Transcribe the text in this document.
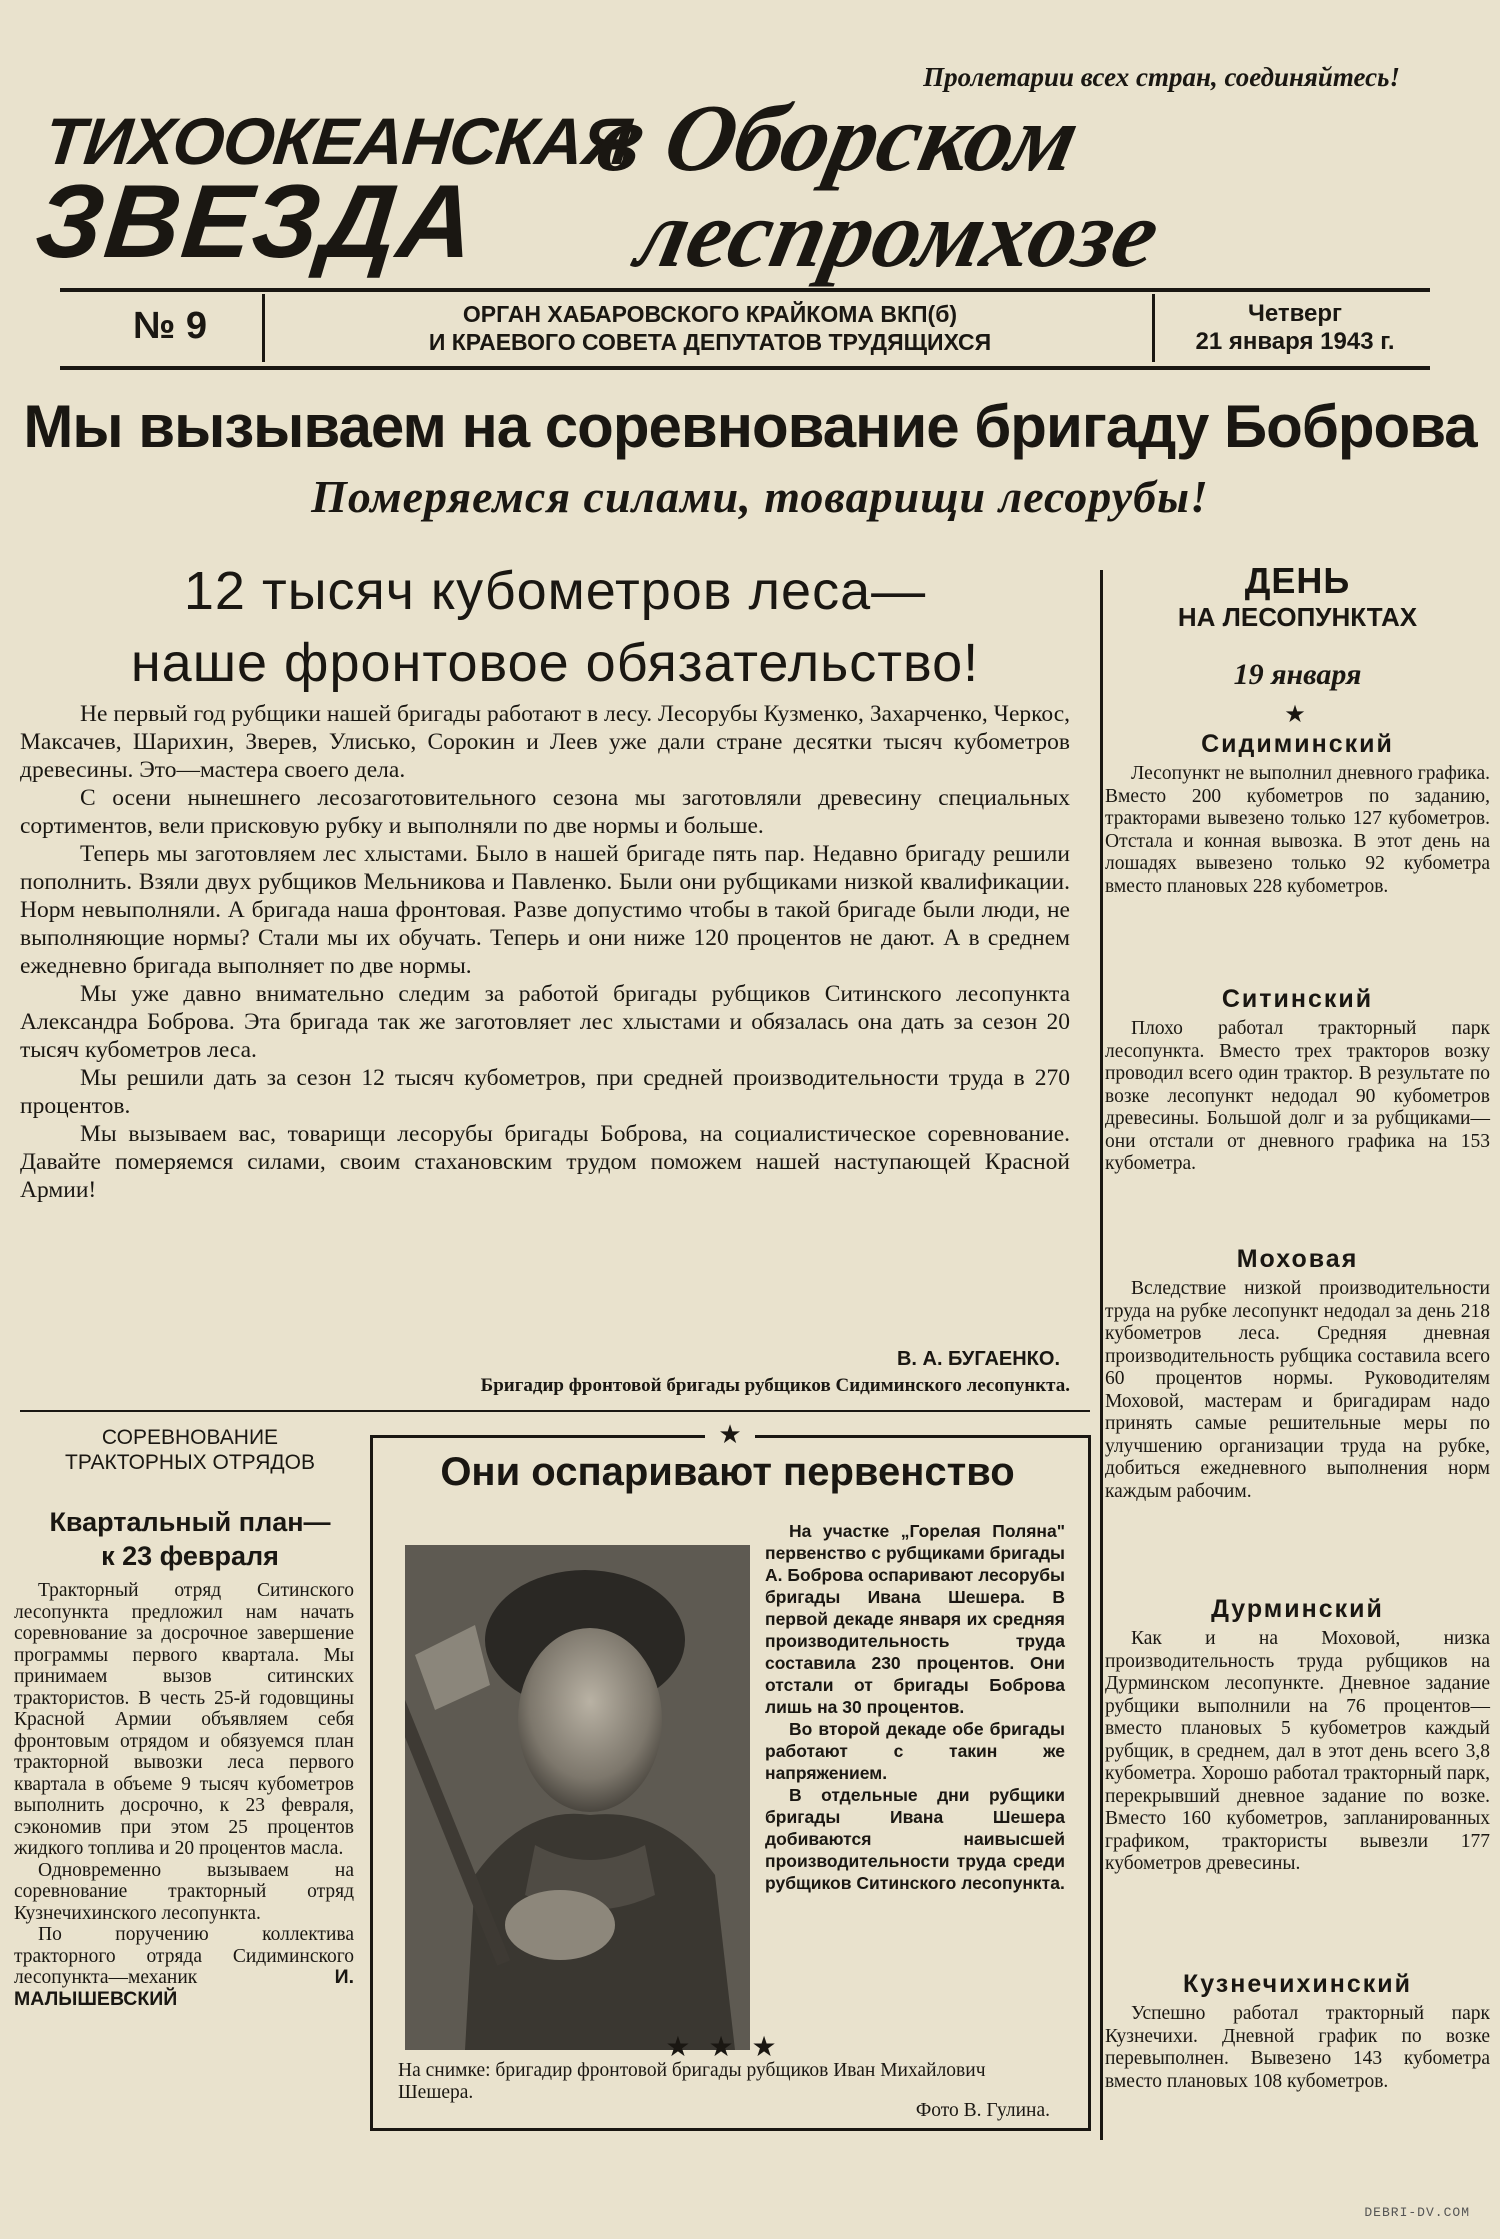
Пролетарии всех стран, соединяйтесь!
ТИХООКЕАНСКАЯ
ЗВЕЗДА
в Оборском
леспромхозе
№ 9	ОРГАН ХАБАРОВСКОГО КРАЙКОМА ВКП(б)
И КРАЕВОГО СОВЕТА ДЕПУТАТОВ ТРУДЯЩИХСЯ
Четверг
21 января 1943 г.
Мы вызываем на соревнование бригаду Боброва
Померяемся силами, товарищи лесорубы!
12 тысяч кубометров леса—
наше фронтовое обязательство!

Не первый год рубщики нашей бригады работают в лесу. Лесорубы Кузменко, Захарченко, Черкос, Максачев, Шарихин, Зверев, Улисько, Сорокин и Леев уже дали стране десятки тысяч кубометров древесины. Это—мастера своего дела.

С осени нынешнего лесозаготовительного сезона мы заготовляли древесину специальных сортиментов, вели присковую рубку и выполняли по две нормы и больше.

Теперь мы заготовляем лес хлыстами. Было в нашей бригаде пять пар. Недавно бригаду решили пополнить. Взяли двух рубщиков Мельникова и Павленко. Были они рубщиками низкой квалификации. Норм невыполняли. А бригада наша фронтовая. Разве допустимо чтобы в такой бригаде были люди, не выполняющие нормы? Стали мы их обучать. Теперь и они ниже 120 процентов не дают. А в среднем ежедневно бригада выполняет по две нормы.

Мы уже давно внимательно следим за работой бригады рубщиков Ситинского лесопункта Александра Боброва. Эта бригада так же заготовляет лес хлыстами и обязалась она дать за сезон 20 тысяч кубометров леса.

Мы решили дать за сезон 12 тысяч кубометров, при средней производительности труда в 270 процентов.

Мы вызываем вас, товарищи лесорубы бригады Боброва, на социалистическое соревнование. Давайте померяемся силами, своим стахановским трудом поможем нашей наступающей Красной Армии!

В. А. БУГАЕНКО.
Бригадир фронтовой бригады рубщиков Сидиминского лесопункта.
ДЕНЬ
НА ЛЕСОПУНКТАХ
19 января
★
Сидиминский

Лесопункт не выполнил дневного графика. Вместо 200 кубометров по заданию, тракторами вывезено только 127 кубометров. Отстала и конная вывозка. В этот день на лошадях вывезено только 92 кубометра вместо плановых 228 кубометров.

Ситинский

Плохо работал тракторный парк лесопункта. Вместо трех тракторов возку проводил всего один трактор. В результате по возке лесопункт недодал 90 кубометров древесины. Большой долг и за рубщиками—они отстали от дневного графика на 153 кубометра.

Моховая

Вследствие низкой производительности труда на рубке лесопункт недодал за день 218 кубометров леса. Средняя дневная производительность рубщика составила всего 60 процентов нормы. Руководителям Моховой, мастерам и бригадирам надо принять самые решительные меры по улучшению организации труда на рубке, добиться ежедневного выполнения норм каждым рабочим.

Дурминский

Как и на Моховой, низка производительность труда рубщиков на Дурминском лесопункте. Дневное задание рубщики выполнили на 76 процентов—вместо плановых 5 кубометров каждый рубщик, в среднем, дал в этот день всего 3,8 кубометра. Хорошо работал тракторный парк, перекрывший дневное задание по возке. Вместо 160 кубометров, запланированных графиком, трактористы вывезли 177 кубометров древесины.

Кузнечихинский

Успешно работал тракторный парк Кузнечихи. Дневной график по возке перевыполнен. Вывезено 143 кубометра вместо плановых 108 кубометров.

СОРЕВНОВАНИЕ
ТРАКТОРНЫХ ОТРЯДОВ
Квартальный план—
к 23 февраля

Тракторный отряд Ситинского лесопункта предложил нам начать соревнование за досрочное завершение программы первого квартала. Мы принимаем вызов ситинских трактористов. В честь 25-й годовщины Красной Армии объявляем себя фронтовым отрядом и обязуемся план тракторной вывозки леса первого квартала в объеме 9 тысяч кубометров выполнить досрочно, к 23 февраля, сэкономив при этом 25 процентов жидкого топлива и 20 процентов масла.

Одновременно вызываем на соревнование тракторный отряд Кузнечихинского лесопункта.

По поручению коллектива тракторного отряда Сидиминского лесопункта—механик	И. МАЛЫШЕВСКИЙ

★
Они оспаривают первенство

На участке „Горелая Поляна" первенство с рубщиками бригады А. Боброва оспаривают лесорубы бригады Ивана Шешера. В первой декаде января их средняя производительность труда составила 230 процентов. Они отстали от бригады Боброва лишь на 30 процентов.

Во второй декаде обе бригады работают с такин же напряжением.

В отдельные дни рубщики бригады Ивана Шешера добиваются наивысшей производительности труда среди рубщиков Ситинского лесопункта.

★★★
На снимке: бригадир фронтовой бригады рубщиков Иван Михайлович Шешера.
Фото В. Гулина.
DEBRI-DV.COM
